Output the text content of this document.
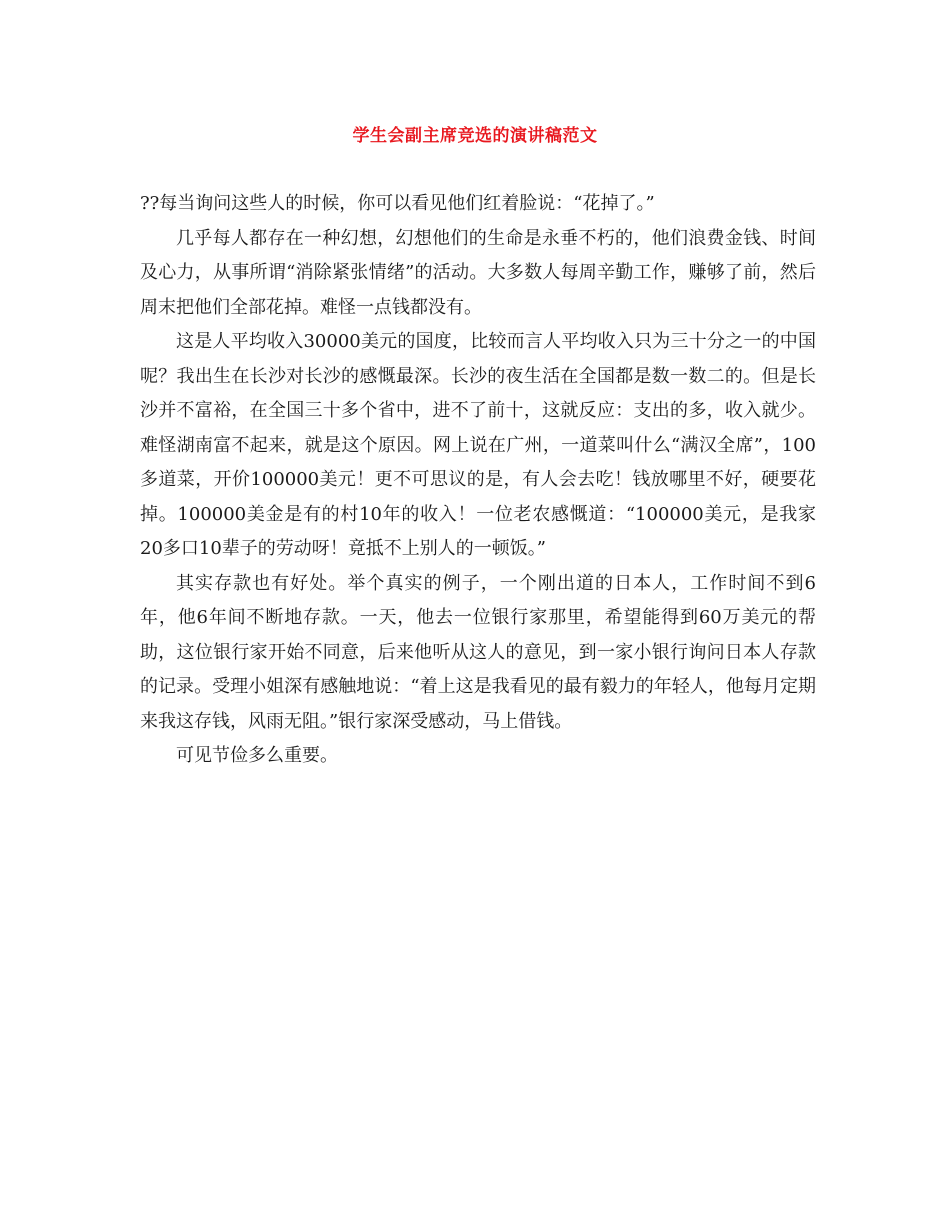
学生会副主席竞选的演讲稿范文

??每当询问这些人的时候，你可以看见他们红着脸说：“花掉了。”

几乎每人都存在一种幻想，幻想他们的生命是永垂不朽的，他们浪费金钱、时间及心力，从事所谓“消除紧张情绪”的活动。大多数人每周辛勤工作，赚够了前，然后周末把他们全部花掉。难怪一点钱都没有。

这是人平均收入30000美元的国度，比较而言人平均收入只为三十分之一的中国呢？我出生在长沙对长沙的感慨最深。长沙的夜生活在全国都是数一数二的。但是长沙并不富裕，在全国三十多个省中，进不了前十，这就反应：支出的多，收入就少。难怪湖南富不起来，就是这个原因。网上说在广州，一道菜叫什么“满汉全席”，100多道菜，开价100000美元！更不可思议的是，有人会去吃！钱放哪里不好，硬要花掉。100000美金是有的村10年的收入！一位老农感慨道：“100000美元，是我家20多口10辈子的劳动呀！竟抵不上别人的一顿饭。”

其实存款也有好处。举个真实的例子，一个刚出道的日本人，工作时间不到6年，他6年间不断地存款。一天，他去一位银行家那里，希望能得到60万美元的帮助，这位银行家开始不同意，后来他听从这人的意见，到一家小银行询问日本人存款的记录。受理小姐深有感触地说：“着上这是我看见的最有毅力的年轻人，他每月定期来我这存钱，风雨无阻。”银行家深受感动，马上借钱。

可见节俭多么重要。
